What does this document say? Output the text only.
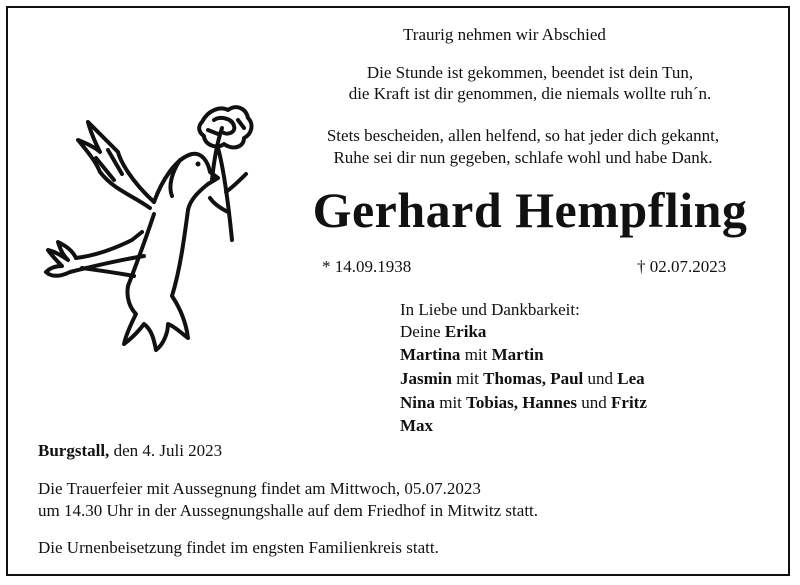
Traurig nehmen wir Abschied
Die Stunde ist gekommen, beendet ist dein Tun,
die Kraft ist dir genommen, die niemals wollte ruh´n.
Stets bescheiden, allen helfend, so hat jeder dich gekannt,
Ruhe sei dir nun gegeben, schlafe wohl und habe Dank.
Gerhard Hempfling
* 14.09.1938	† 02.07.2023
In Liebe und Dankbarkeit:
Deine Erika
Martina mit Martin
Jasmin mit Thomas, Paul und Lea
Nina mit Tobias, Hannes und Fritz
Max
Burgstall, den 4. Juli 2023
Die Trauerfeier mit Aussegnung findet am Mittwoch, 05.07.2023
um 14.30 Uhr in der Aussegnungshalle auf dem Friedhof in Mitwitz statt.
Die Urnenbeisetzung findet im engsten Familienkreis statt.
